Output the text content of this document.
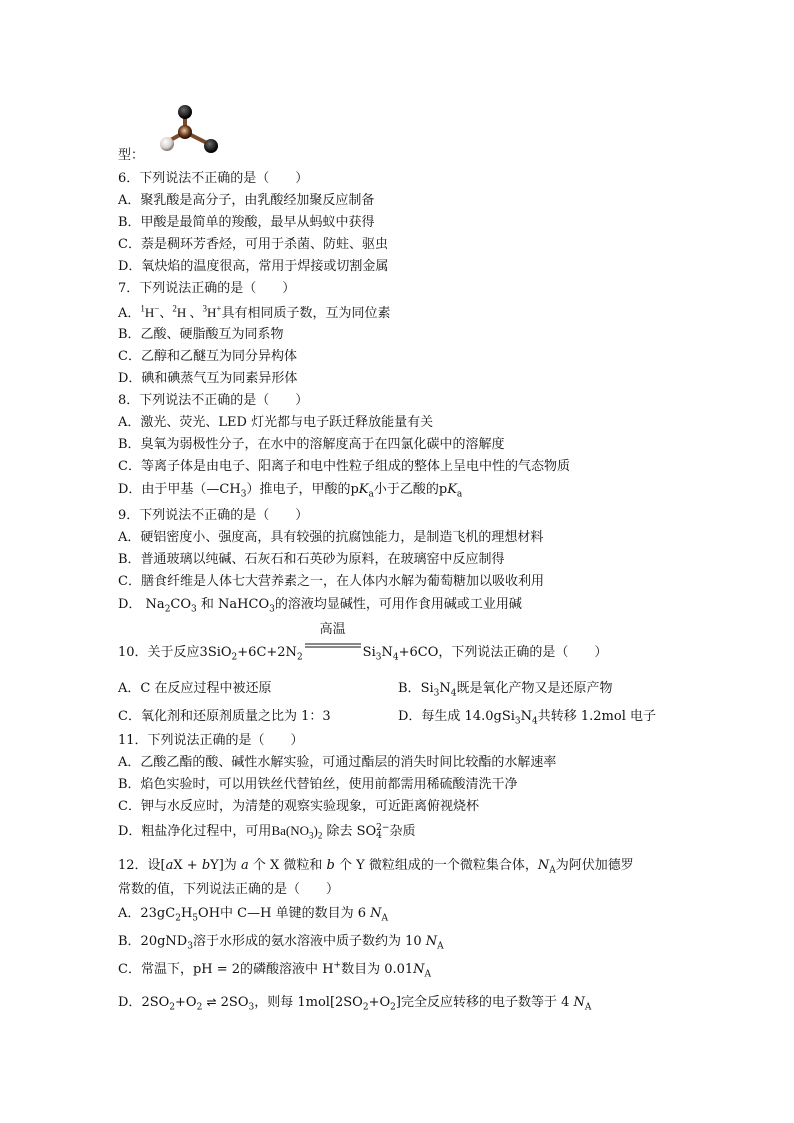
型：
6．下列说法不正确的是（　　）
A．聚乳酸是高分子，由乳酸经加聚反应制备
B．甲酸是最简单的羧酸，最早从蚂蚁中获得
C．萘是稠环芳香烃，可用于杀菌、防蛀、驱虫
D．氧炔焰的温度很高，常用于焊接或切割金属
7．下列说法正确的是（　　）
A．$^1$H−、$^2$H 、$^3$H+具有相同质子数，互为同位素
B．乙酸、硬脂酸互为同系物
C．乙醇和乙醚互为同分异构体
D．碘和碘蒸气互为同素异形体
8．下列说法不正确的是（　　）
A．激光、荧光、LED 灯光都与电子跃迁释放能量有关
B．臭氧为弱极性分子，在水中的溶解度高于在四氯化碳中的溶解度
C．等离子体是由电子、阳离子和电中性粒子组成的整体上呈电中性的气态物质
D．由于甲基$(—CH_3)$推电子，甲酸的$pK_a$小于乙酸的$pK_a$
9．下列说法不正确的是（　　）
A．硬铝密度小、强度高，具有较强的抗腐蚀能力，是制造飞机的理想材料
B．普通玻璃以纯碱、石灰石和石英砂为原料，在玻璃窑中反应制得
C．膳食纤维是人体七大营养素之一，在人体内水解为葡萄糖加以吸收利用
D． $Na_2CO_3$ 和 NaHCO$_3$的溶液均显碱性，可用作食用碱或工业用碱
10．关于反应$3SiO_2+6C+2N_2$
高温
$Si_3N_4+6CO$，下列说法正确的是（　　）
A．C 在反应过程中被还原	B．$Si_3N_4$既是氧化产物又是还原产物
C．氧化剂和还原剂质量之比为 1：3	D．每生成 $14.0gSi_3N_4$共转移 1.2mol 电子
11．下列说法正确的是（　　）
A．乙酸乙酯的酸、碱性水解实验，可通过酯层的消失时间比较酯的水解速率
B．焰色实验时，可以用铁丝代替铂丝，使用前都需用稀硫酸清洗干净
C．钾与水反应时，为清楚的观察实验现象，可近距离俯视烧杯
D．粗盐净化过程中，可用$Ba(NO_3)_2$ 除去 SO 2−
4 杂质
12．设[aX + bY]为 a 个 X 微粒和 b 个 Y 微粒组成的一个微粒集合体，$N_A$为阿伏加德罗
常数的值，下列说法正确的是（　　）
A．$23gC_2H_5OH$中 C—H 单键的数目为 6 $N_A$
B．20gND$_3$溶于水形成的氨水溶液中质子数约为 10 $N_A$
C．常温下，pH = 2的磷酸溶液中 H+数目为 $0.01N_A$
D．$2SO_2+O_2$ ⇌ $2SO_3$，则每 $1mol[2SO_2+O_2]$完全反应转移的电子数等于 4 $N_A$
